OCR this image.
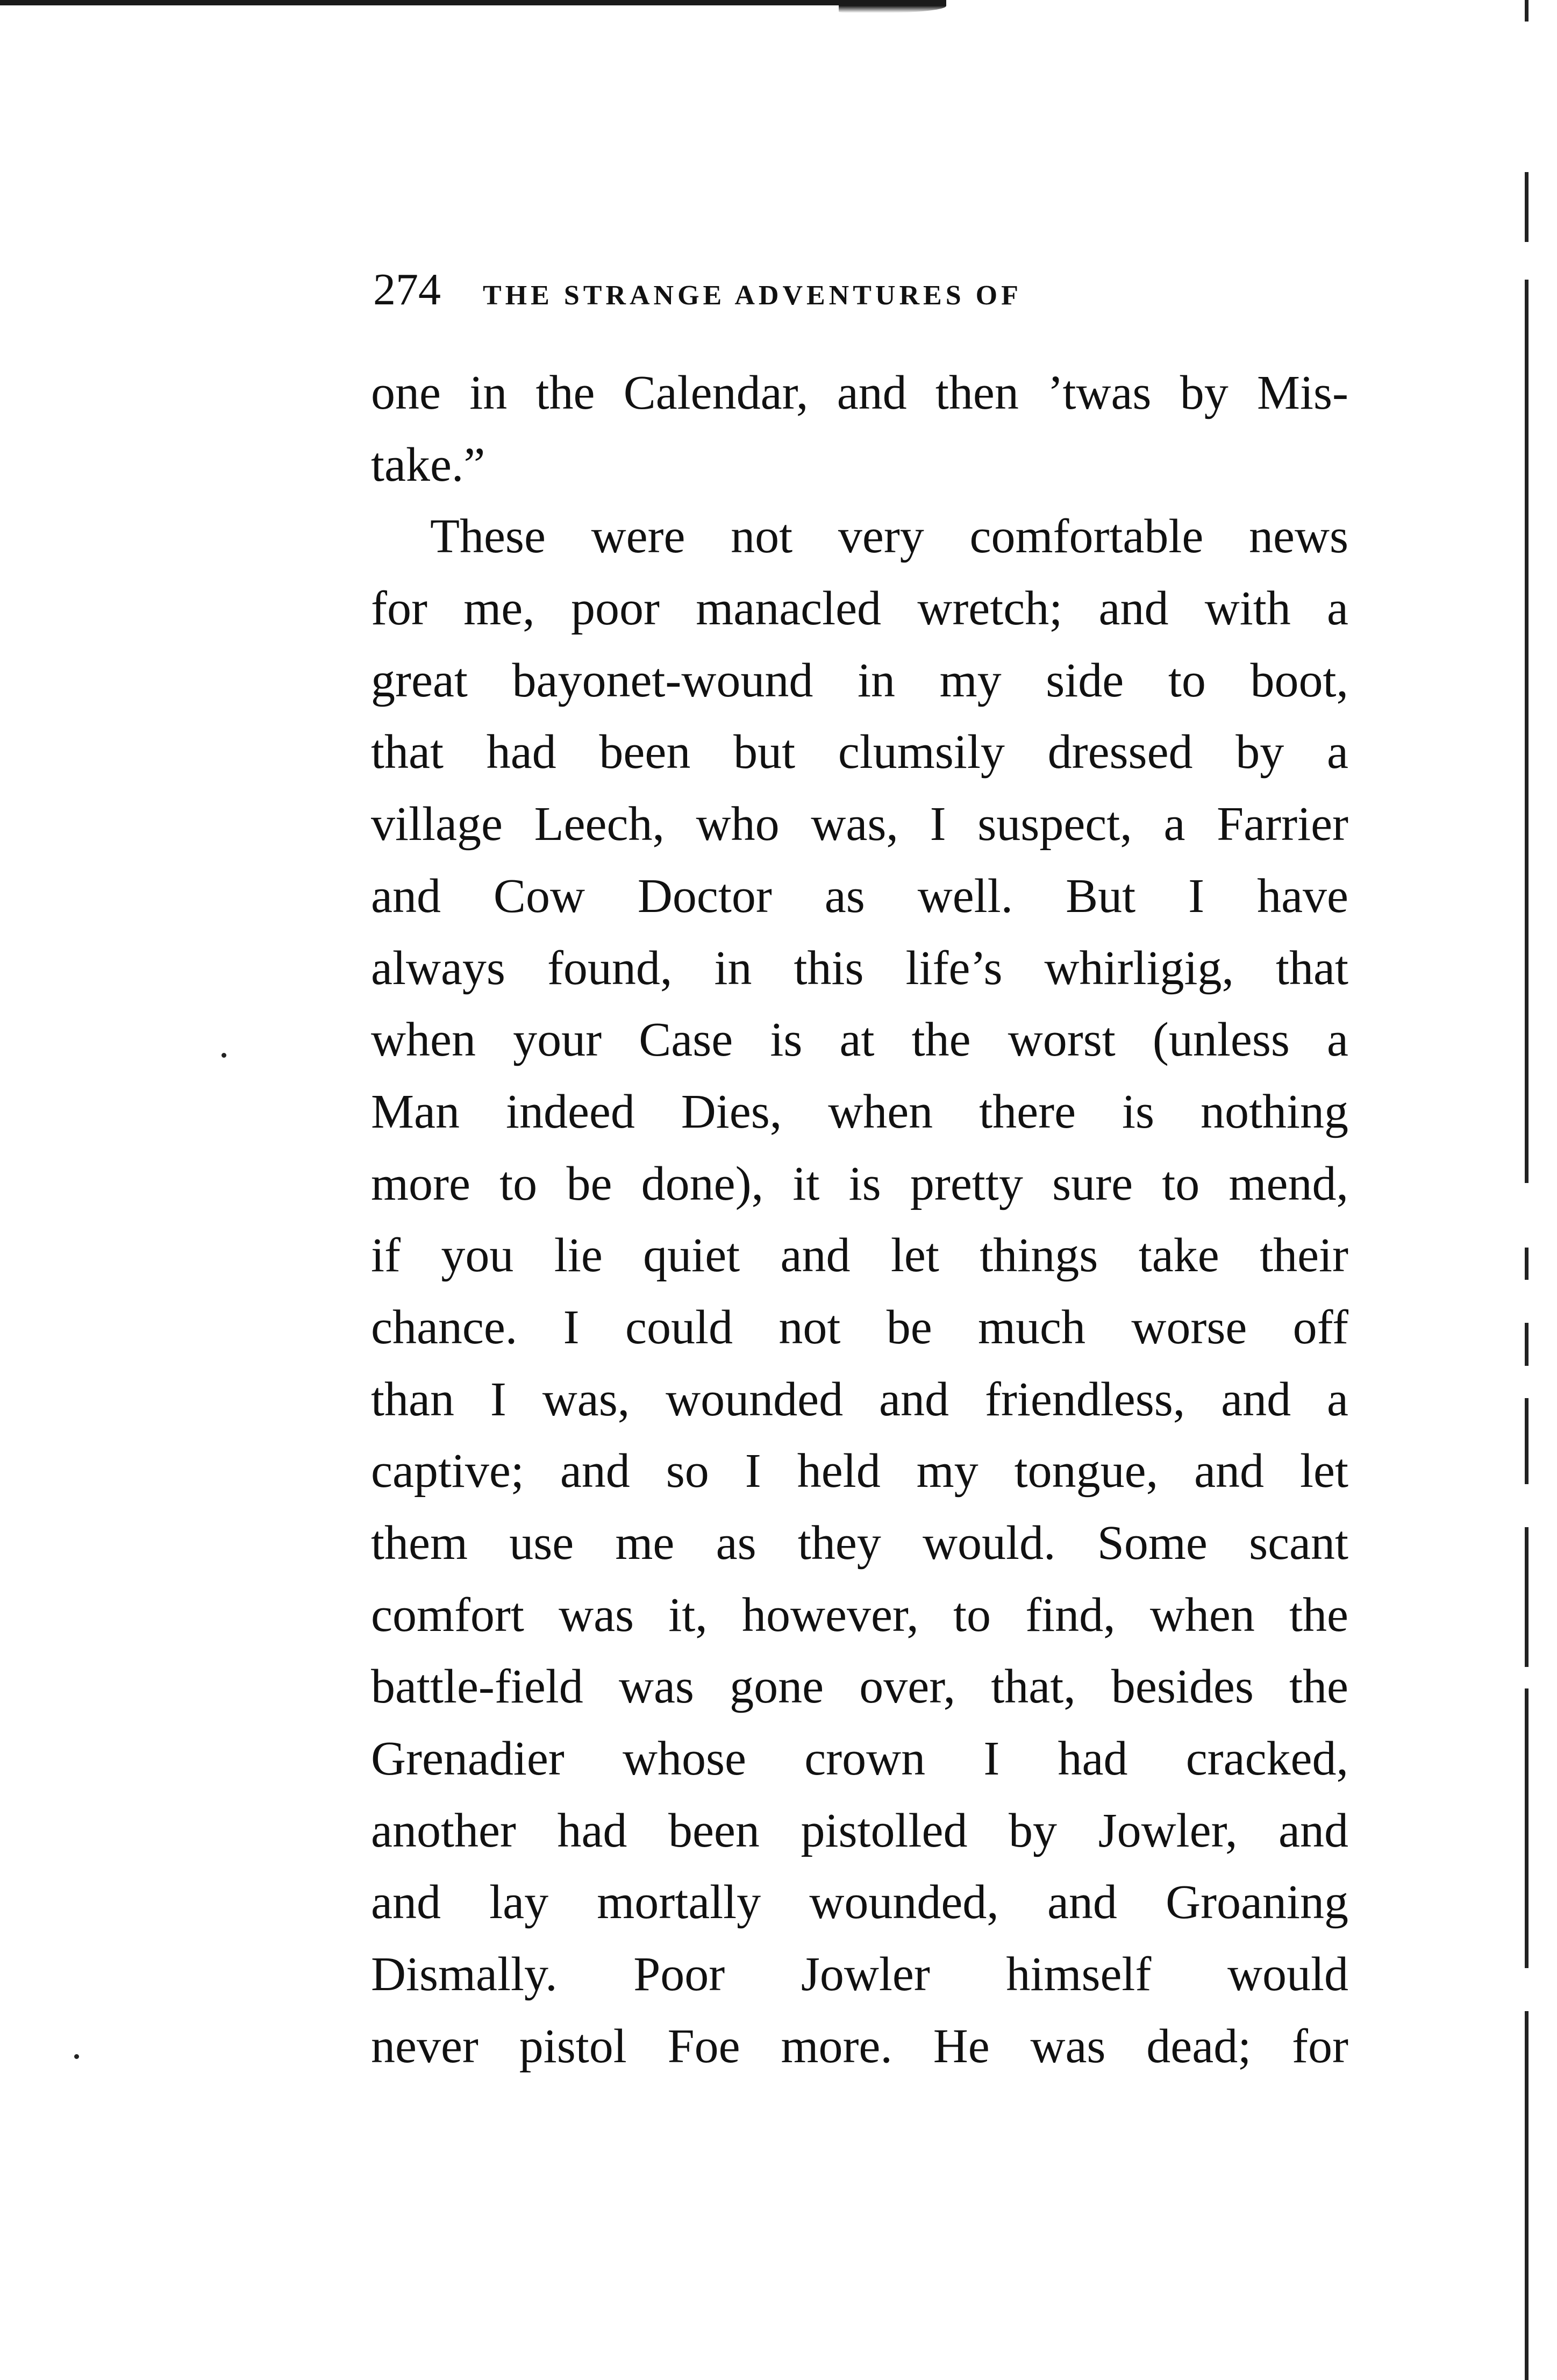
274 THE STRANGE ADVENTURES OF
one in the Calendar, and then ’twas by Mis-
take.”
These were not very comfortable news
for me, poor manacled wretch; and with a
great bayonet-wound in my side to boot,
that had been but clumsily dressed by a
village Leech, who was, I suspect, a Farrier
and Cow Doctor as well. But I have
always found, in this life’s whirligig, that
when your Case is at the worst (unless a
Man indeed Dies, when there is nothing
more to be done), it is pretty sure to mend,
if you lie quiet and let things take their
chance. I could not be much worse off
than I was, wounded and friendless, and a
captive; and so I held my tongue, and let
them use me as they would. Some scant
comfort was it, however, to find, when the
battle-field was gone over, that, besides the
Grenadier whose crown I had cracked,
another had been pistolled by Jowler, and
and lay mortally wounded, and Groaning
Dismally. Poor Jowler himself would
never pistol Foe more. He was dead; for
